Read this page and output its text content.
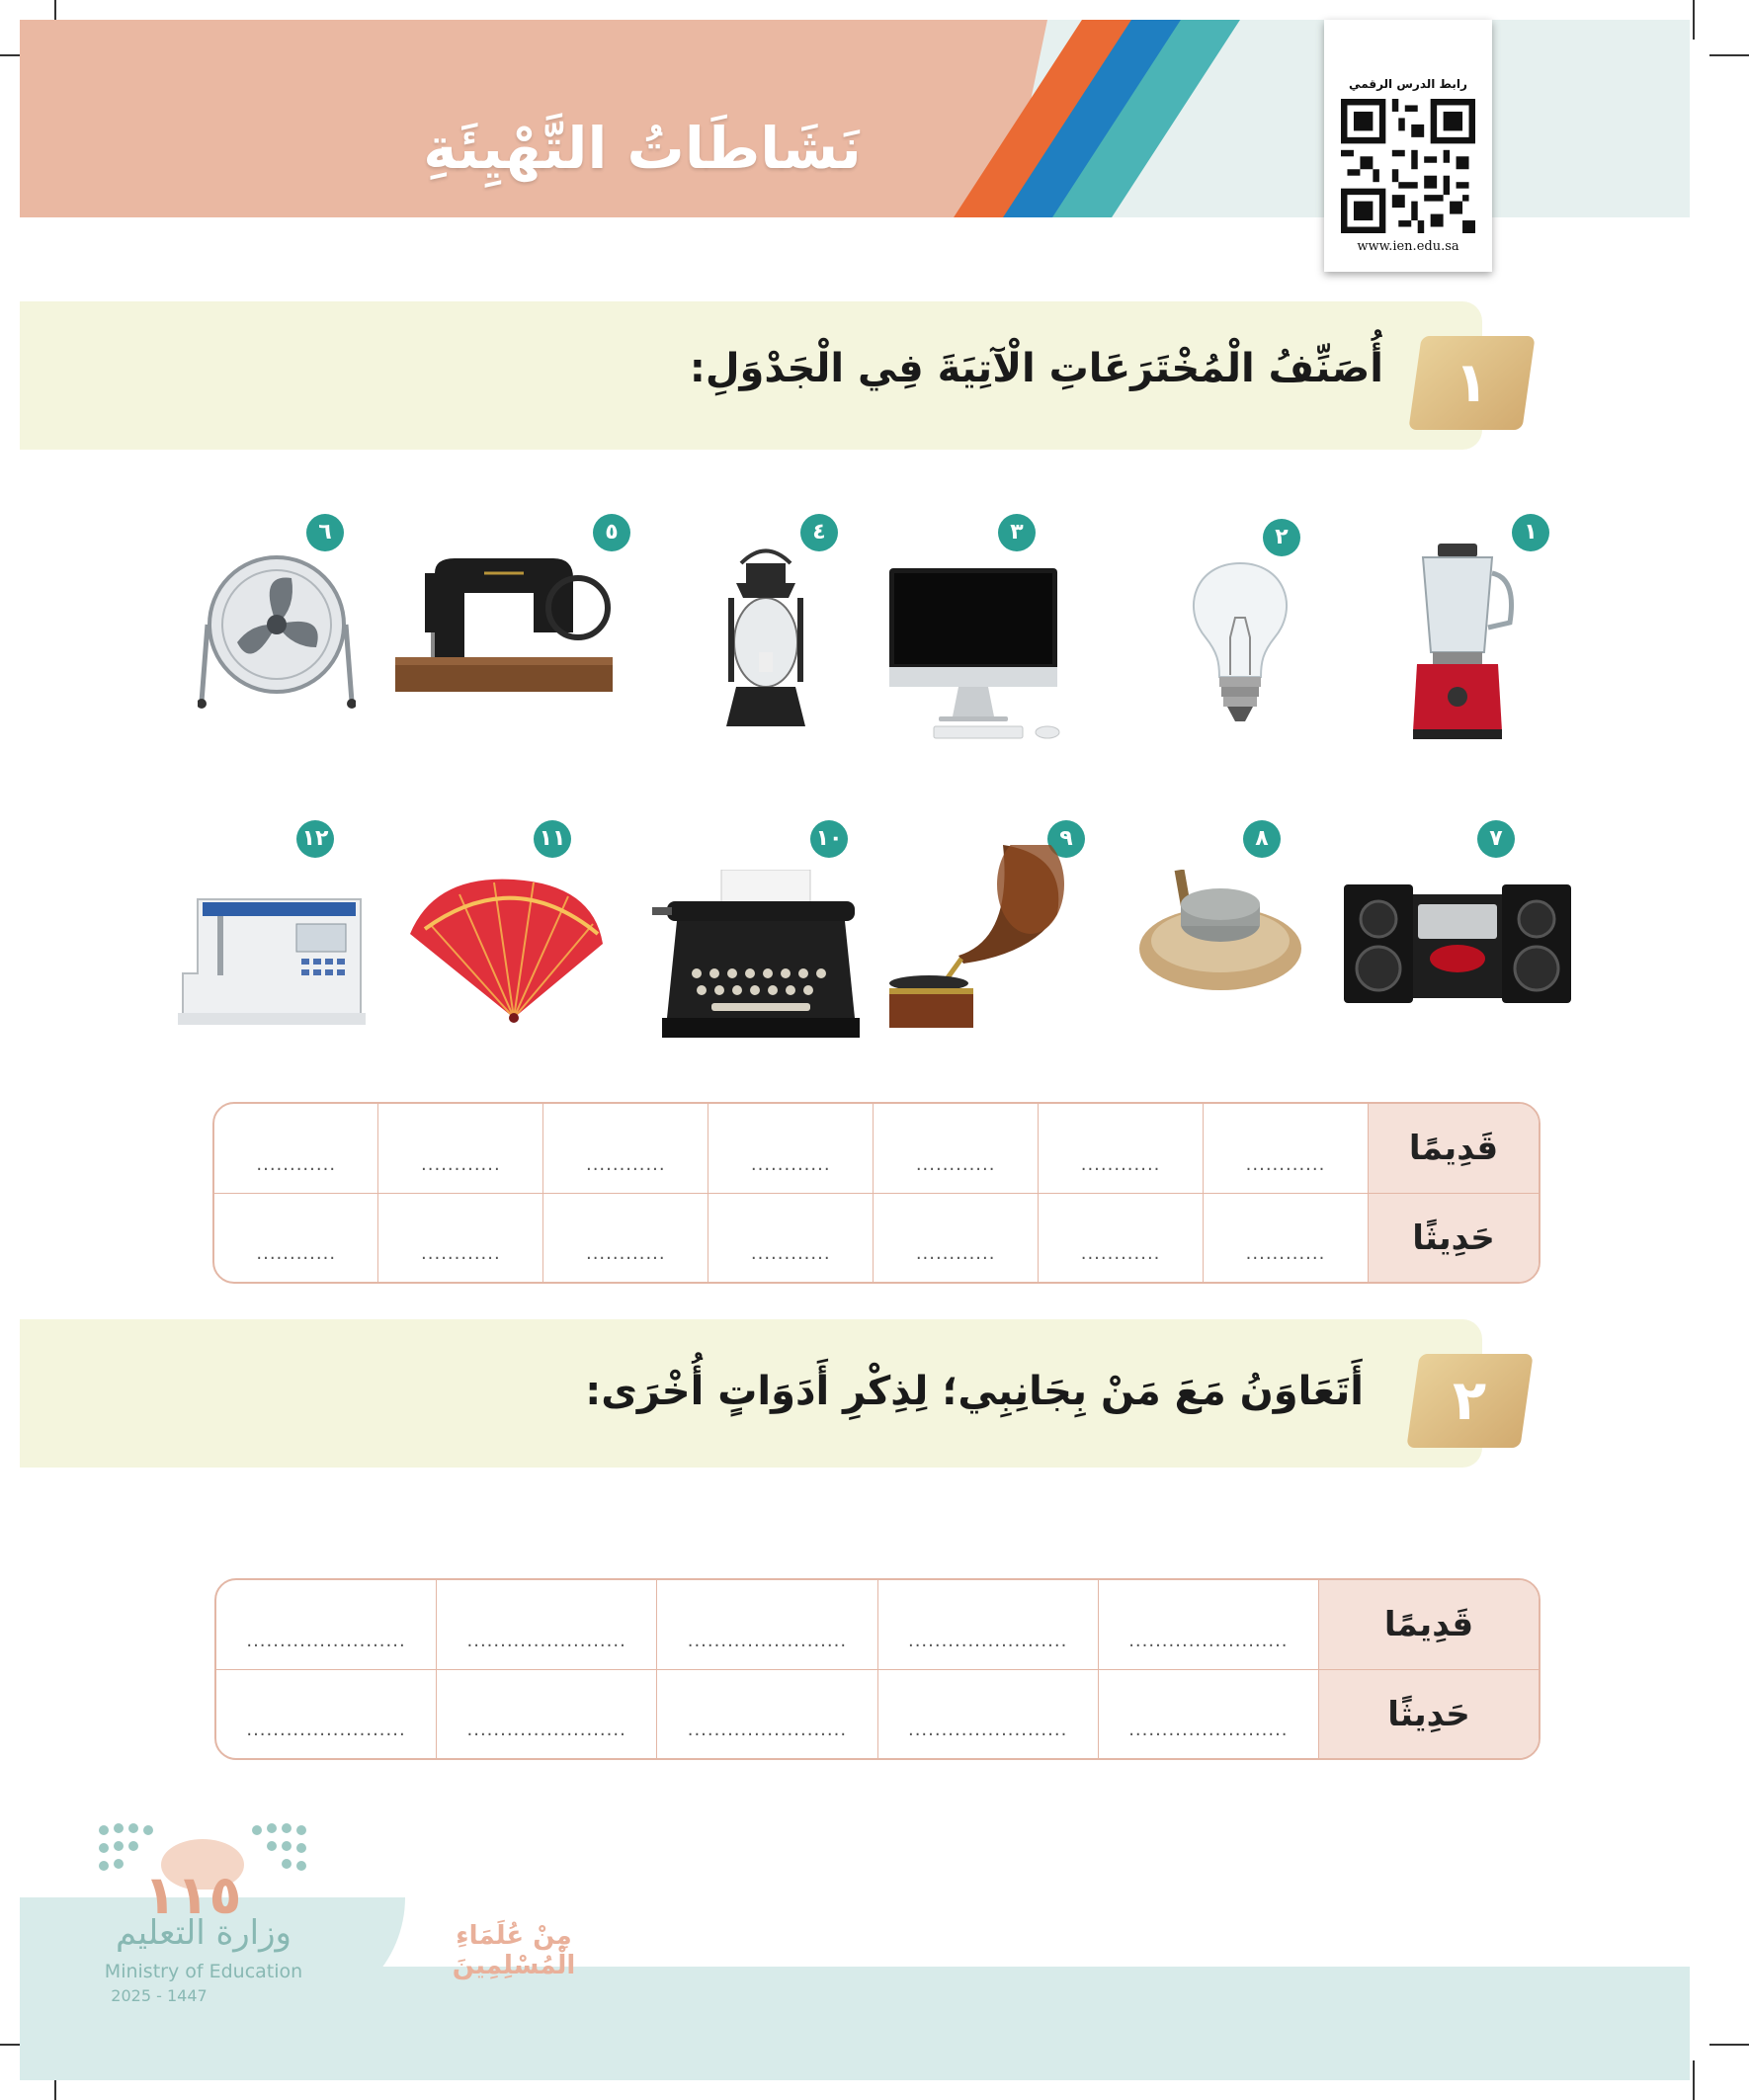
نَشَاطَاتُ التَّهْيِئَةِ
رابط الدرس الرقمي
www.ien.edu.sa
١
أُصَنِّفُ الْمُخْتَرَعَاتِ الْآتِيَةَ فِي الْجَدْوَلِ:
١
٢
٣
٤
٥
٦
٧
٨
٩
١٠
١١
١٢
............	............	............	............	............	............	............	قَدِيمًا
............	............	............	............	............	............	............	حَدِيثًا
٢
أَتَعَاوَنُ مَعَ مَنْ بِجَانِبِي؛ لِذِكْرِ أَدَوَاتٍ أُخْرَى:
........................	........................	........................	........................	........................	قَدِيمًا
........................	........................	........................	........................	........................	حَدِيثًا
١١٥
وزارة التعليم
Ministry of Education
2025 - 1447
مِنْ عُلَمَاءِ الْمُسْلِمِينَ
